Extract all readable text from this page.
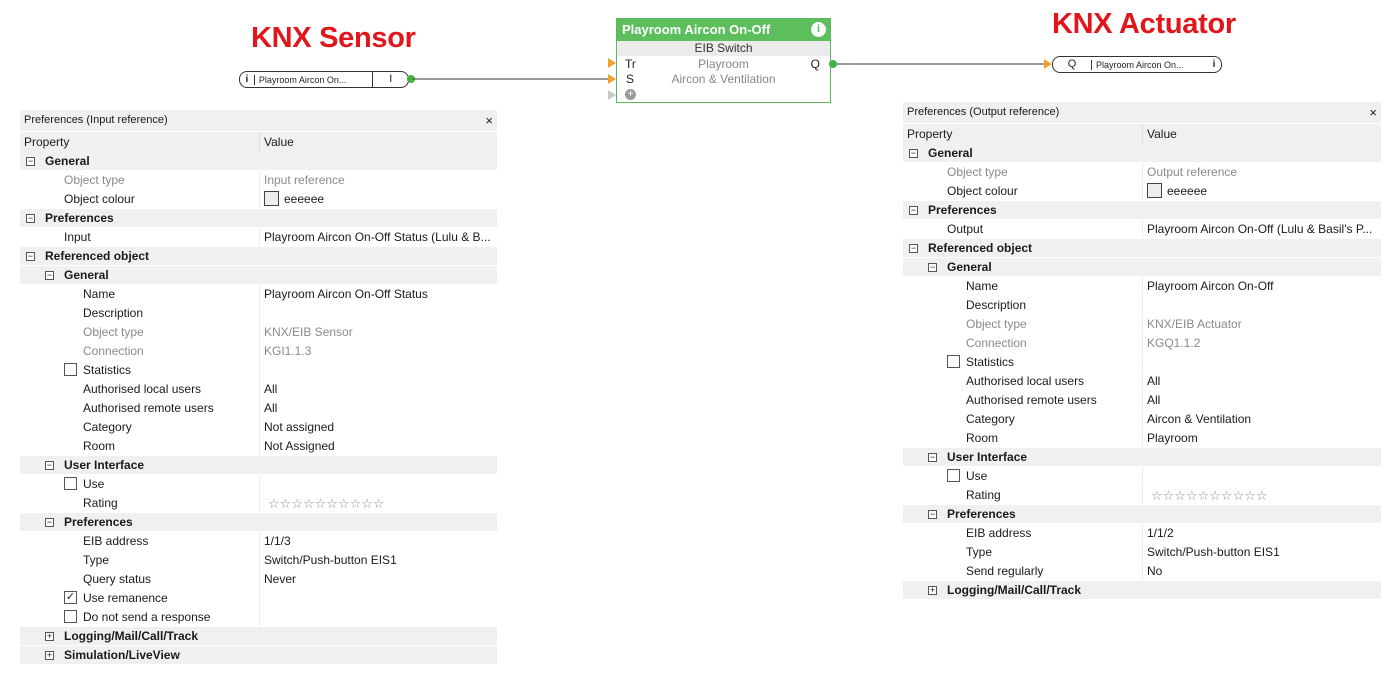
KNX Sensor	KNX Actuator
i	Playroom Aircon On...	I
Playroom Aircon On-Off	i
EIB Switch
Tr
S
Q
Playroom
Aircon & Ventilation
+
Q	Playroom Aircon On...	i
Preferences (Input reference)	×
Property	Value
− General
Object type	Input reference
Object colour	eeeeee
− Preferences
Input	Playroom Aircon On-Off Status (Lulu & B...
− Referenced object
− General
Name	Playroom Aircon On-Off Status
Description
Object type	KNX/EIB Sensor
Connection	KGI1.1.3
Statistics
Authorised local users	All
Authorised remote users	All
Category	Not assigned
Room	Not Assigned
− User Interface
Use
Rating	☆☆☆☆☆☆☆☆☆☆
− Preferences
EIB address	1/1/3
Type	Switch/Push-button EIS1
Query status	Never
✓ Use remanence
Do not send a response
+ Logging/Mail/Call/Track
+ Simulation/LiveView
Preferences (Output reference)	×
Property	Value
− General
Object type	Output reference
Object colour	eeeeee
− Preferences
Output	Playroom Aircon On-Off (Lulu & Basil's P...
− Referenced object
− General
Name	Playroom Aircon On-Off
Description
Object type	KNX/EIB Actuator
Connection	KGQ1.1.2
Statistics
Authorised local users	All
Authorised remote users	All
Category	Aircon & Ventilation
Room	Playroom
− User Interface
Use
Rating	☆☆☆☆☆☆☆☆☆☆
− Preferences
EIB address	1/1/2
Type	Switch/Push-button EIS1
Send regularly	No
+ Logging/Mail/Call/Track
